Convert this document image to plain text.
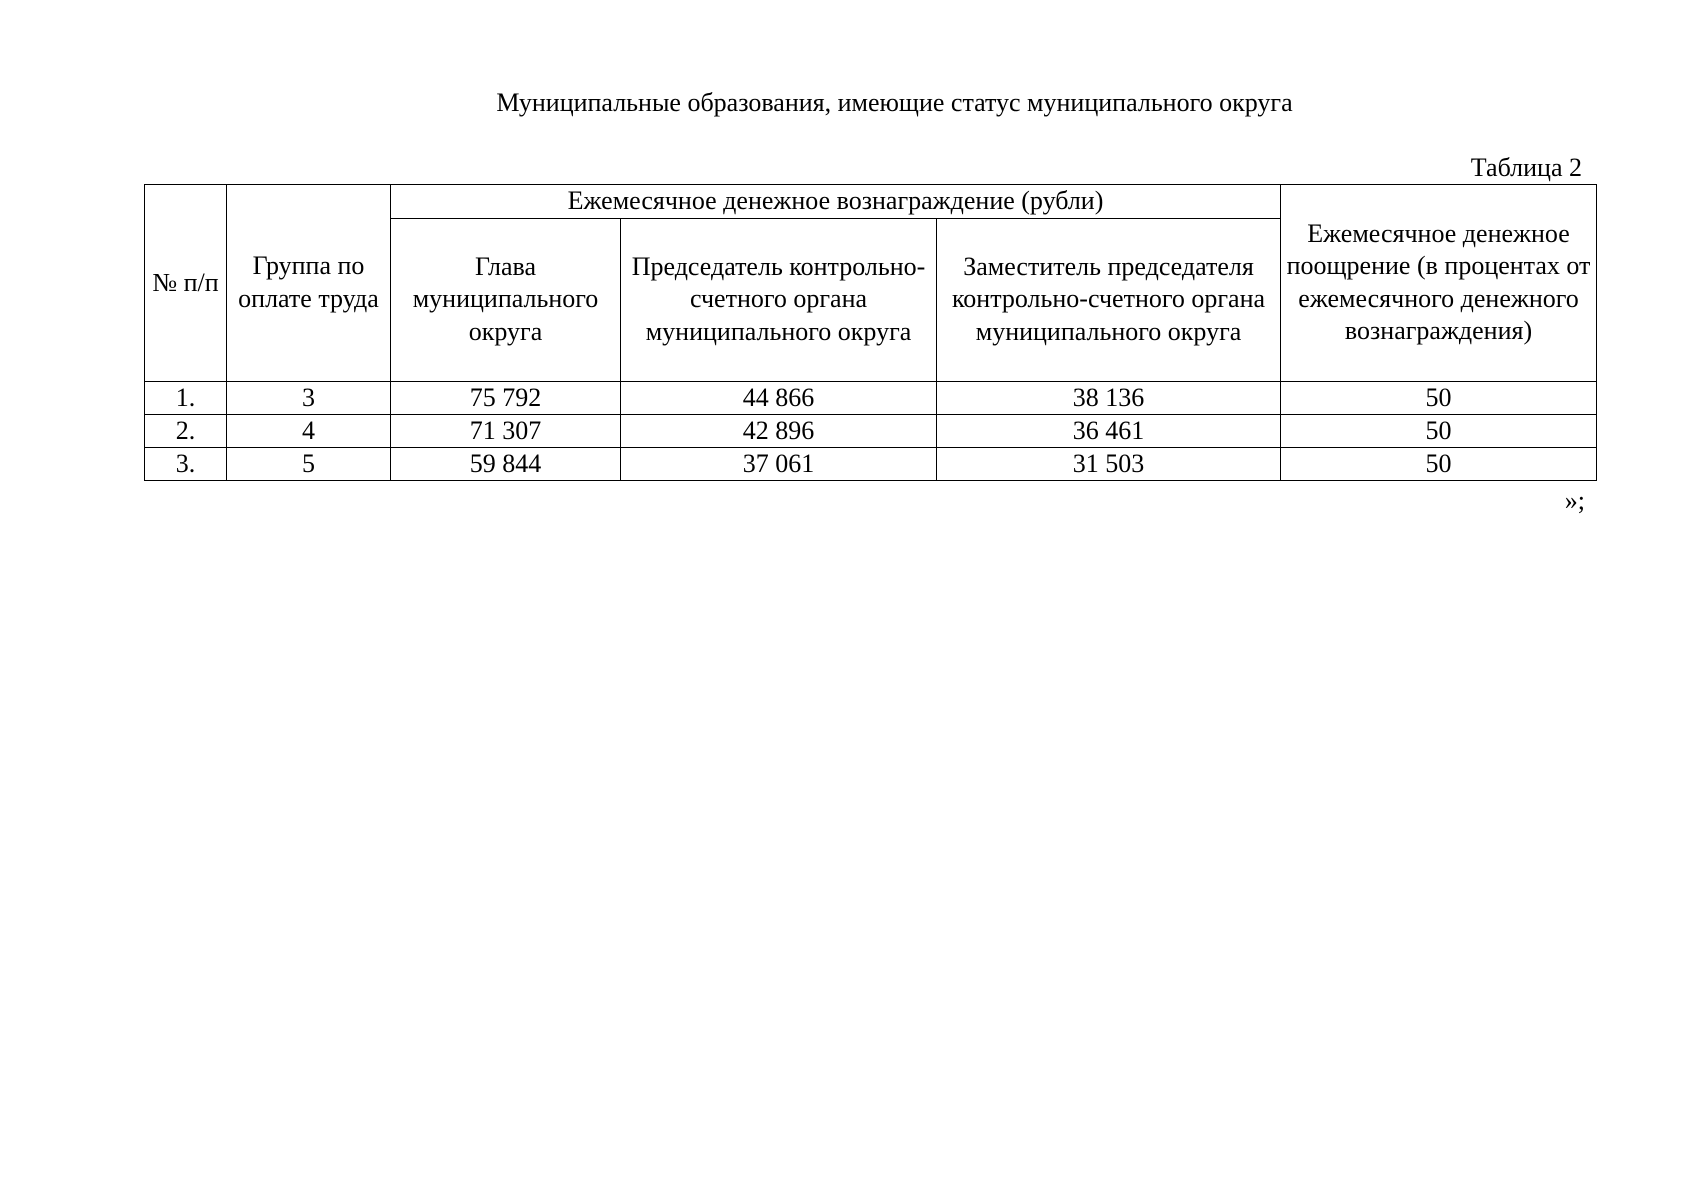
Муниципальные образования, имеющие статус муниципального округа
Таблица 2
№ п/п	Группа по оплате труда	Ежемесячное денежное вознаграждение (рубли)			Ежемесячное денежное поощрение (в процентах от ежемесячного денежного вознаграждения)
		Глава муниципального округа	Председатель контрольно-счетного органа муниципального округа	Заместитель председателя контрольно-счетного органа муниципального округа	
1.	3	75 792	44 866	38 136	50
2.	4	71 307	42 896	36 461	50
3.	5	59 844	37 061	31 503	50
»;
